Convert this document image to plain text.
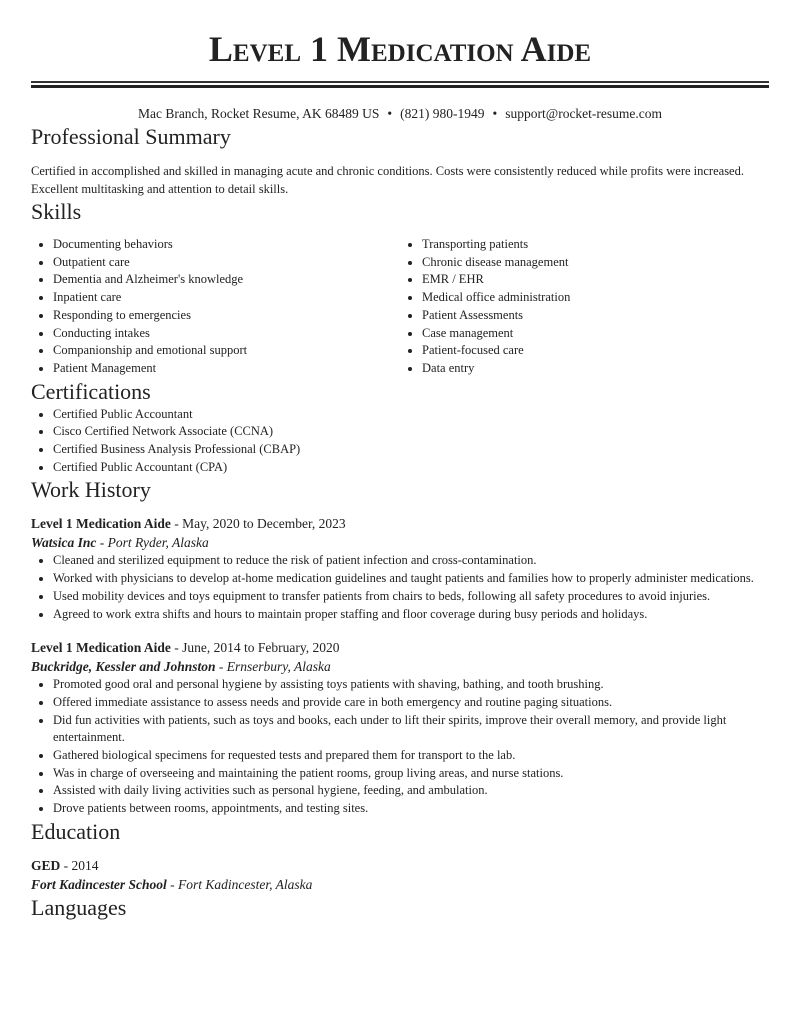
Level 1 Medication Aide
Mac Branch, Rocket Resume, AK 68489 US • (821) 980-1949 • support@rocket-resume.com
Professional Summary
Certified in accomplished and skilled in managing acute and chronic conditions. Costs were consistently reduced while profits were increased. Excellent multitasking and attention to detail skills.
Skills
• Documenting behaviors
• Outpatient care
• Dementia and Alzheimer's knowledge
• Inpatient care
• Responding to emergencies
• Conducting intakes
• Companionship and emotional support
• Patient Management
• Transporting patients
• Chronic disease management
• EMR / EHR
• Medical office administration
• Patient Assessments
• Case management
• Patient-focused care
• Data entry
Certifications
• Certified Public Accountant
• Cisco Certified Network Associate (CCNA)
• Certified Business Analysis Professional (CBAP)
• Certified Public Accountant (CPA)
Work History
Level 1 Medication Aide - May, 2020 to December, 2023
Watsica Inc - Port Ryder, Alaska
• Cleaned and sterilized equipment to reduce the risk of patient infection and cross-contamination.
• Worked with physicians to develop at-home medication guidelines and taught patients and families how to properly administer medications.
• Used mobility devices and toys equipment to transfer patients from chairs to beds, following all safety procedures to avoid injuries.
• Agreed to work extra shifts and hours to maintain proper staffing and floor coverage during busy periods and holidays.
Level 1 Medication Aide - June, 2014 to February, 2020
Buckridge, Kessler and Johnston - Ernserbury, Alaska
• Promoted good oral and personal hygiene by assisting toys patients with shaving, bathing, and tooth brushing.
• Offered immediate assistance to assess needs and provide care in both emergency and routine paging situations.
• Did fun activities with patients, such as toys and books, each under to lift their spirits, improve their overall memory, and provide light entertainment.
• Gathered biological specimens for requested tests and prepared them for transport to the lab.
• Was in charge of overseeing and maintaining the patient rooms, group living areas, and nurse stations.
• Assisted with daily living activities such as personal hygiene, feeding, and ambulation.
• Drove patients between rooms, appointments, and testing sites.
Education
GED - 2014
Fort Kadincester School - Fort Kadincester, Alaska
Languages
